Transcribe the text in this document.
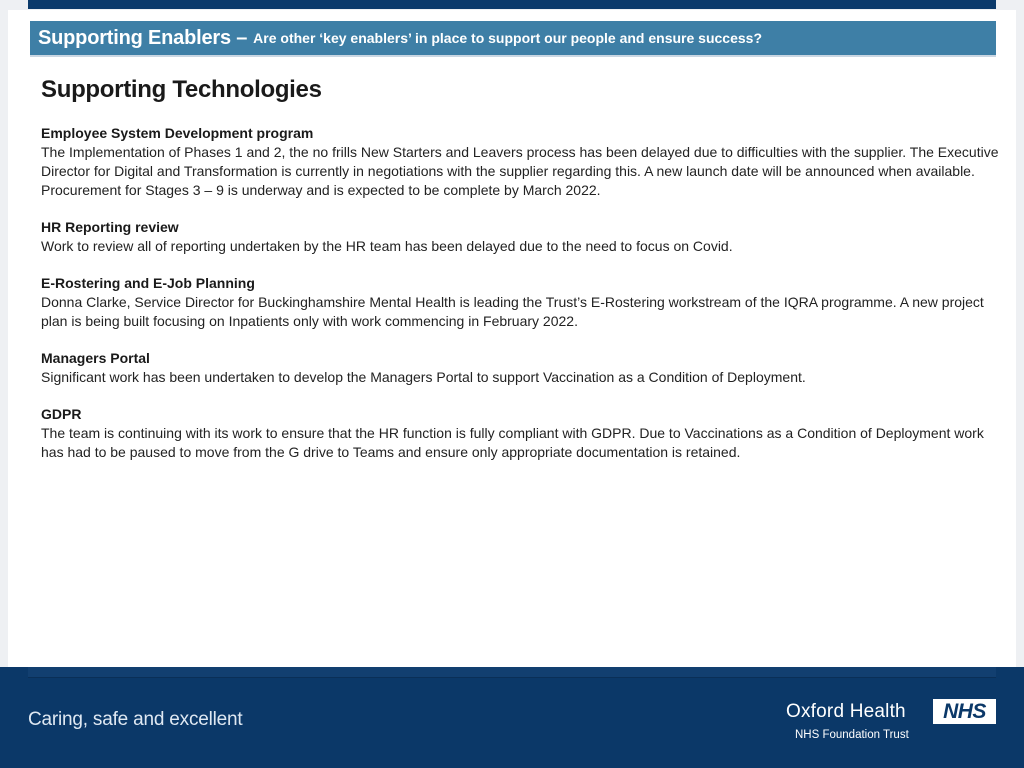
Supporting Enablers – Are other ‘key enablers’ in place to support our people and ensure success?
Supporting Technologies
Employee System Development program
The Implementation of Phases 1 and 2, the no frills New Starters and Leavers process has been delayed due to difficulties with the supplier. The Executive Director for Digital and Transformation is currently in negotiations with the supplier regarding this. A new launch date will be announced when available. Procurement for Stages 3 – 9 is underway and is expected to be complete by March 2022.
HR Reporting review
Work to review all of reporting undertaken by the HR team has been delayed due to the need to focus on Covid.
E-Rostering and E-Job Planning
Donna Clarke, Service Director for Buckinghamshire Mental Health is leading the Trust’s E-Rostering workstream of the IQRA programme. A new project plan is being built focusing on Inpatients only with work commencing in February 2022.
Managers Portal
Significant work has been undertaken to develop the Managers Portal to support Vaccination as a Condition of Deployment.
GDPR
The team is continuing with its work to ensure that the HR function is fully compliant with GDPR. Due to Vaccinations as a Condition of Deployment work has had to be paused to move from the G drive to Teams and ensure only appropriate documentation is retained.
Caring, safe and excellent	Oxford Health
NHS Foundation Trust
NHS
